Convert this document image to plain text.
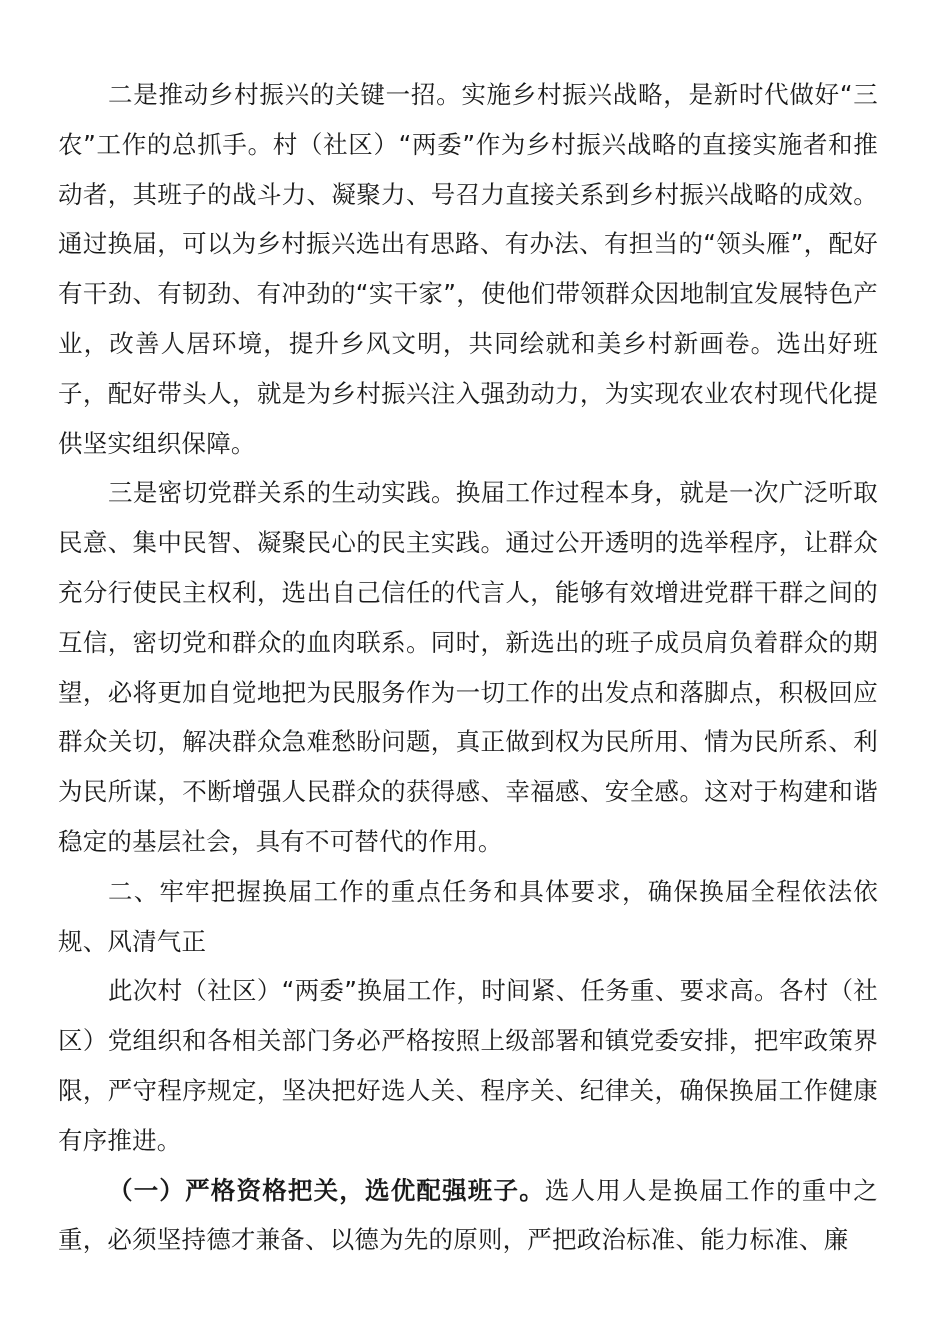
二是推动乡村振兴的关键一招。实施乡村振兴战略，是新时代做好“三农”工作的总抓手。村（社区）“两委”作为乡村振兴战略的直接实施者和推动者，其班子的战斗力、凝聚力、号召力直接关系到乡村振兴战略的成效。通过换届，可以为乡村振兴选出有思路、有办法、有担当的“领头雁”，配好有干劲、有韧劲、有冲劲的“实干家”，使他们带领群众因地制宜发展特色产业，改善人居环境，提升乡风文明，共同绘就和美乡村新画卷。选出好班子，配好带头人，就是为乡村振兴注入强劲动力，为实现农业农村现代化提供坚实组织保障。

三是密切党群关系的生动实践。换届工作过程本身，就是一次广泛听取民意、集中民智、凝聚民心的民主实践。通过公开透明的选举程序，让群众充分行使民主权利，选出自己信任的代言人，能够有效增进党群干群之间的互信，密切党和群众的血肉联系。同时，新选出的班子成员肩负着群众的期望，必将更加自觉地把为民服务作为一切工作的出发点和落脚点，积极回应群众关切，解决群众急难愁盼问题，真正做到权为民所用、情为民所系、利为民所谋，不断增强人民群众的获得感、幸福感、安全感。这对于构建和谐稳定的基层社会，具有不可替代的作用。

二、牢牢把握换届工作的重点任务和具体要求，确保换届全程依法依规、风清气正

此次村（社区）“两委”换届工作，时间紧、任务重、要求高。各村（社区）党组织和各相关部门务必严格按照上级部署和镇党委安排，把牢政策界限，严守程序规定，坚决把好选人关、程序关、纪律关，确保换届工作健康有序推进。

（一）严格资格把关，选优配强班子。选人用人是换届工作的重中之重，必须坚持德才兼备、以德为先的原则，严把政治标准、能力标准、廉
